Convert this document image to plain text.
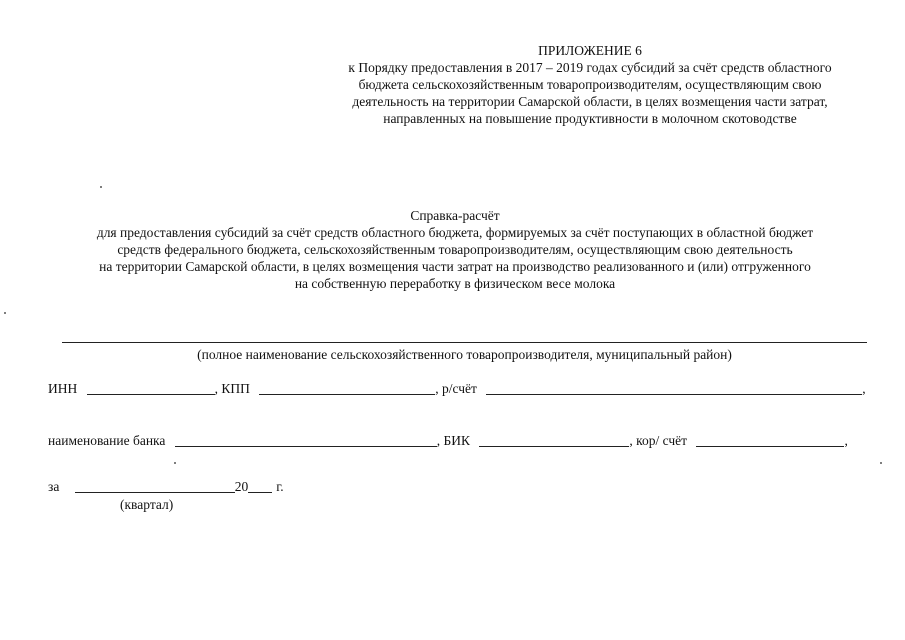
ПРИЛОЖЕНИЕ 6
к Порядку предоставления в 2017 – 2019 годах субсидий за счёт средств областного
бюджета сельскохозяйственным товаропроизводителям, осуществляющим свою
деятельность на территории Самарской области, в целях возмещения части затрат,
направленных на повышение продуктивности в молочном скотоводстве
Справка-расчёт
для предоставления субсидий за счёт средств областного бюджета, формируемых за счёт поступающих в областной бюджет
средств федерального бюджета, сельскохозяйственным товаропроизводителям, осуществляющим свою деятельность
на территории Самарской области, в целях возмещения части затрат на производство реализованного и (или) отгруженного
на собственную переработку в физическом весе молока
(полное наименование сельскохозяйственного товаропроизводителя, муниципальный район)
ИНН	, КПП	, р/счёт	,
наименование банка	, БИК	, кор/ счёт	,
за	20 г.
(квартал)
